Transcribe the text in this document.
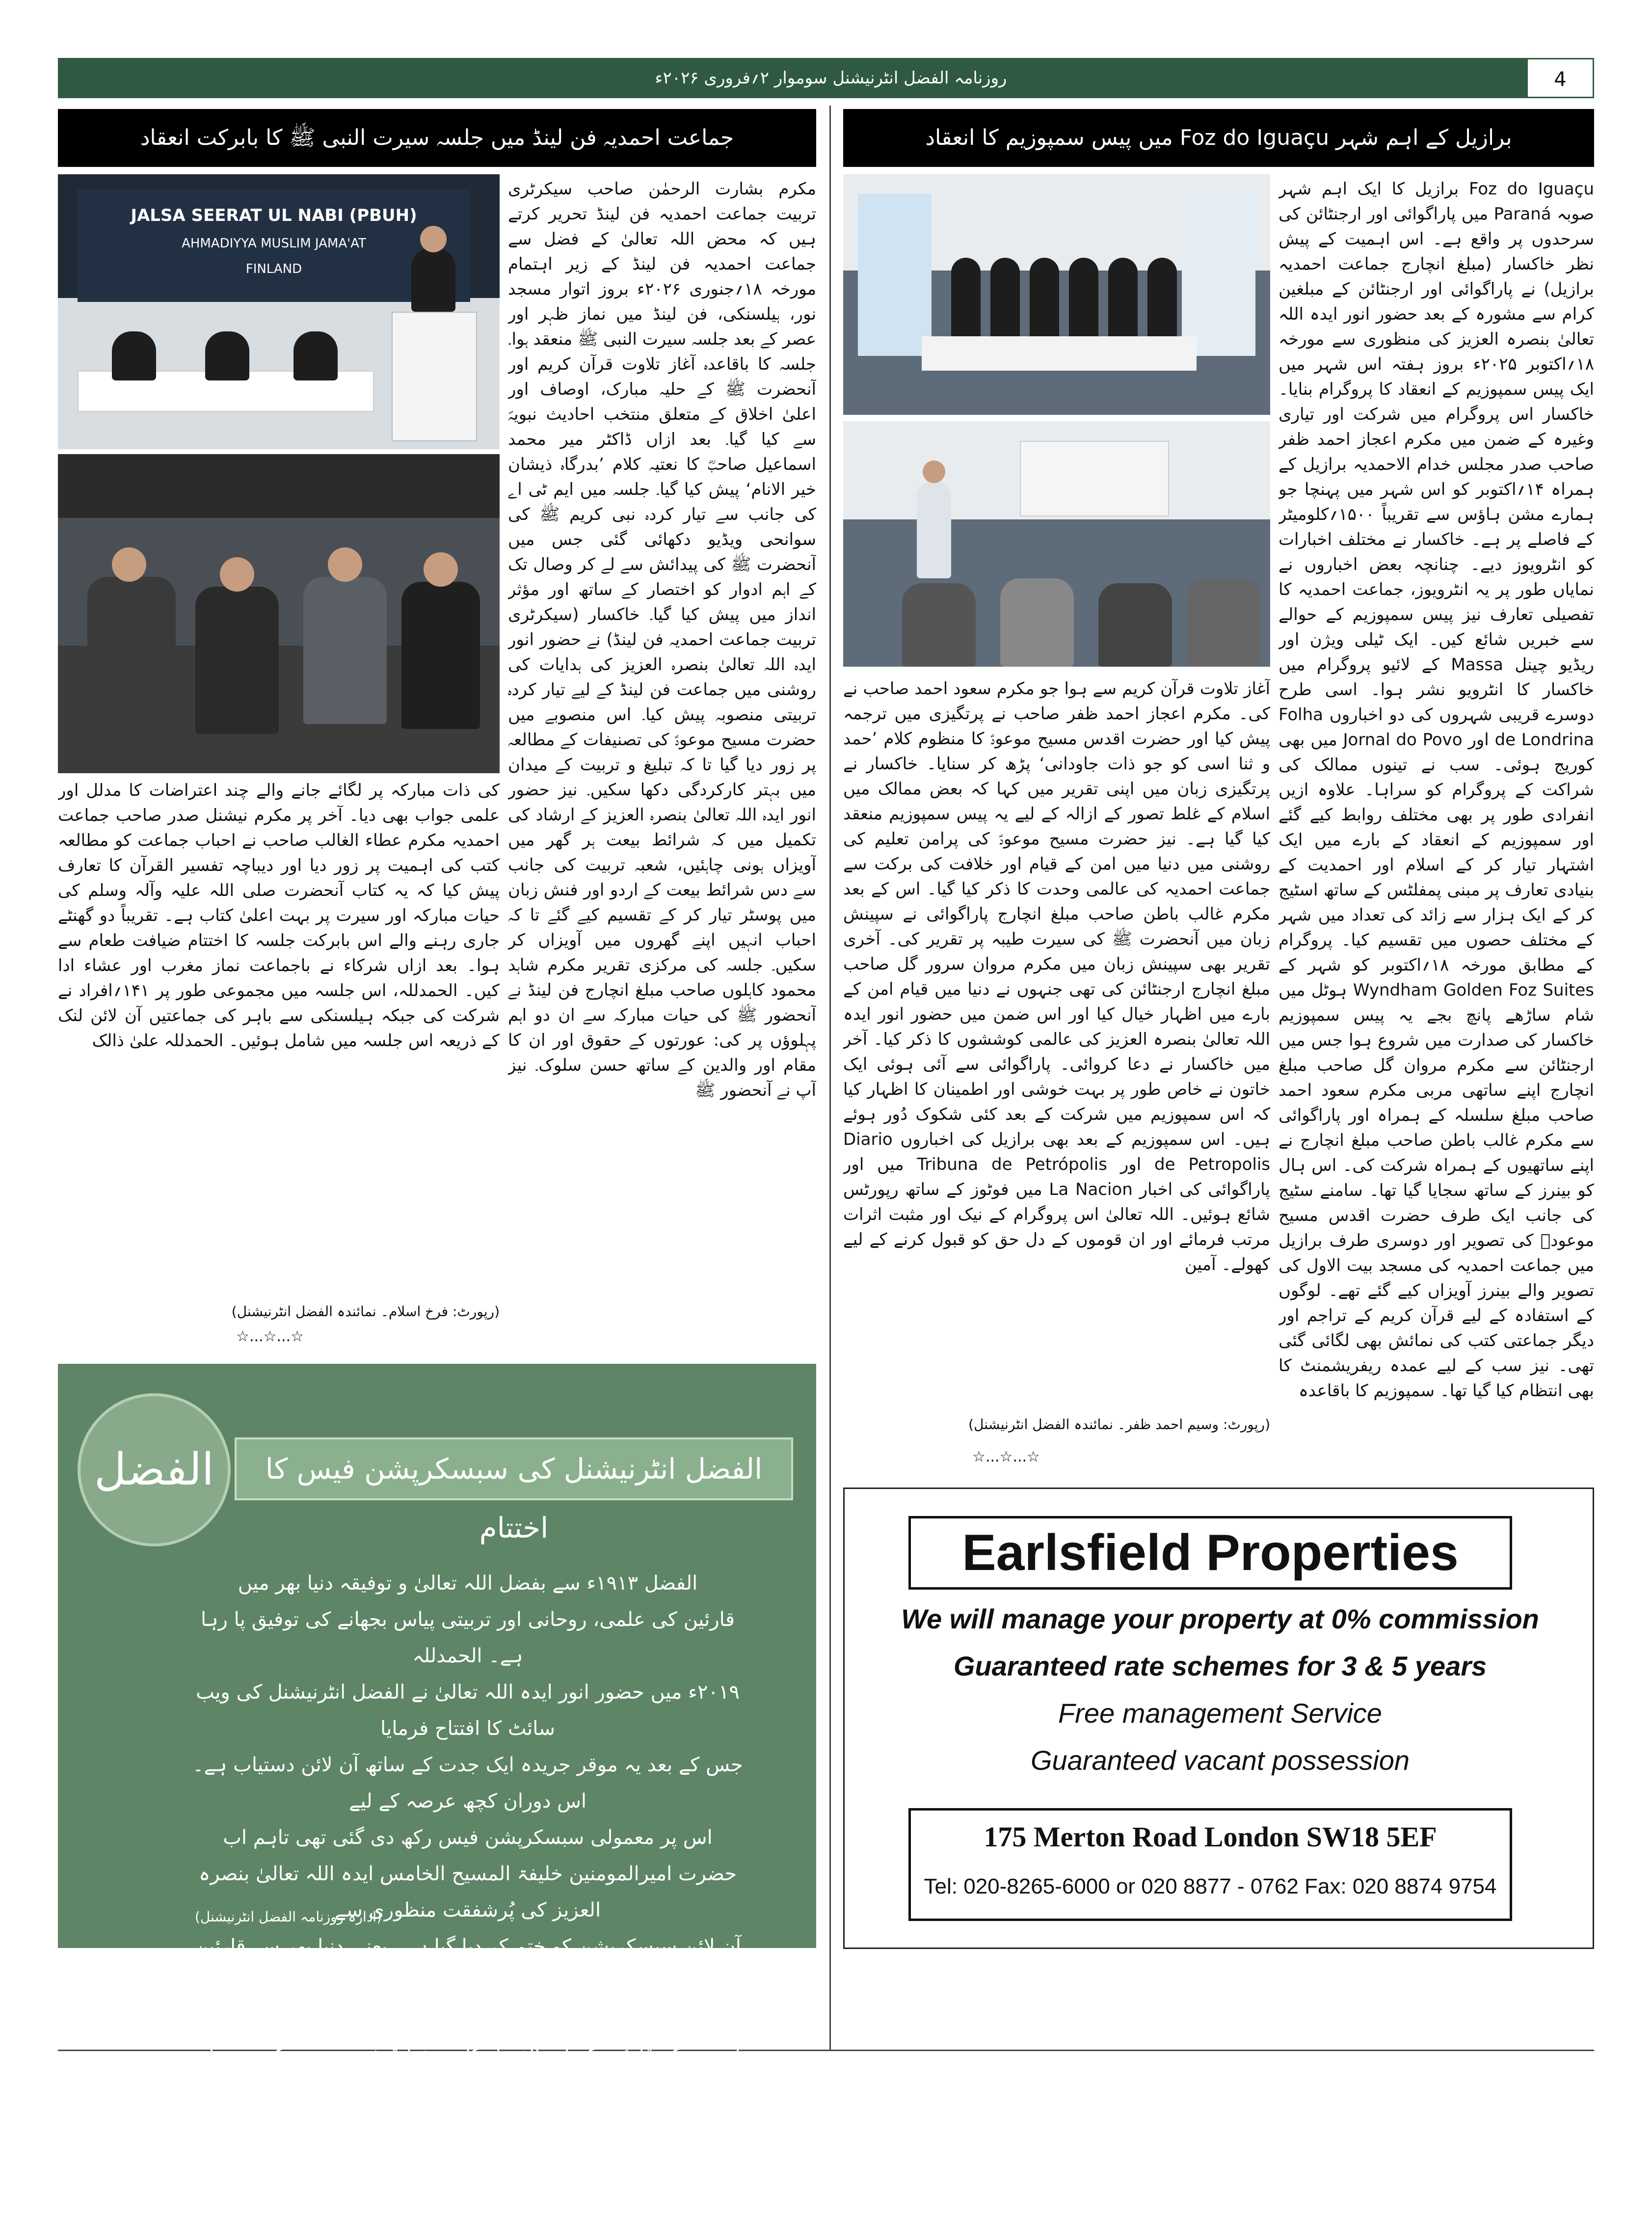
روزنامہ الفضل انٹرنیشنل سوموار ۲؍فروری ۲۰۲۶ء	4
جماعت احمدیہ فن لینڈ میں جلسہ سیرت النبی ﷺ کا بابرکت انعقاد
JALSA SEERAT UL NABI (PBUH)
AHMADIYYA MUSLIM JAMA'AT
FINLAND
مکرم بشارت الرحمٰن صاحب سیکرٹری تربیت جماعت احمدیہ فن لینڈ تحریر کرتے ہیں کہ محض اللہ تعالیٰ کے فضل سے جماعت احمدیہ فن لینڈ کے زیر اہتمام مورخہ ۱۸؍جنوری ۲۰۲۶ء بروز اتوار مسجد نور، ہیلسنکی، فن لینڈ میں نماز ظہر اور عصر کے بعد جلسہ سیرت النبی ﷺ منعقد ہوا۔ جلسہ کا باقاعدہ آغاز تلاوت قرآن کریم اور آنحضرت ﷺ کے حلیہ مبارک، اوصاف اور اعلیٰ اخلاق کے متعلق منتخب احادیث نبویہؐ سے کیا گیا۔ بعد ازاں ڈاکٹر میر محمد اسماعیل صاحبؓ کا نعتیہ کلام ’بدرگاہ ذیشان خیر الانام‘ پیش کیا گیا۔ جلسہ میں ایم ٹی اے کی جانب سے تیار کردہ نبی کریم ﷺ کی سوانحی ویڈیو دکھائی گئی جس میں آنحضرت ﷺ کی پیدائش سے لے کر وصال تک کے اہم ادوار کو اختصار کے ساتھ اور مؤثر انداز میں پیش کیا گیا۔ خاکسار (سیکرٹری تربیت جماعت احمدیہ فن لینڈ) نے حضور انور ایدہ اللہ تعالیٰ بنصرہ العزیز کی ہدایات کی روشنی میں جماعت فن لینڈ کے لیے تیار کردہ تربیتی منصوبہ پیش کیا۔ اس منصوبے میں حضرت مسیح موعودؑ کی تصنیفات کے مطالعہ پر زور دیا گیا تا کہ تبلیغ و تربیت کے میدان میں بہتر کارکردگی دکھا سکیں۔ نیز حضور انور ایدہ اللہ تعالیٰ بنصرہ العزیز کے ارشاد کی تکمیل میں کہ شرائط بیعت ہر گھر میں آویزاں ہونی چاہئیں، شعبہ تربیت کی جانب سے دس شرائط بیعت کے اردو اور فنش زبان میں پوسٹر تیار کر کے تقسیم کیے گئے تا کہ احباب انہیں اپنے گھروں میں آویزاں کر سکیں۔ جلسہ کی مرکزی تقریر مکرم شاہد محمود کاہلوں صاحب مبلغ انچارج فن لینڈ نے آنحضور ﷺ کی حیات مبارکہ سے ان دو اہم پہلوؤں پر کی: عورتوں کے حقوق اور ان کا مقام اور والدین کے ساتھ حسن سلوک۔ نیز آپ نے آنحضور ﷺ
کی ذات مبارکہ پر لگائے جانے والے چند اعتراضات کا مدلل اور علمی جواب بھی دیا۔ آخر پر مکرم نیشنل صدر صاحب جماعت احمدیہ مکرم عطاء الغالب صاحب نے احباب جماعت کو مطالعہ کتب کی اہمیت پر زور دیا اور دیباچہ تفسیر القرآن کا تعارف پیش کیا کہ یہ کتاب آنحضرت صلی اللہ علیہ وآلہ وسلم کی حیات مبارکہ اور سیرت پر بہت اعلیٰ کتاب ہے۔ تقریباً دو گھنٹے جاری رہنے والے اس بابرکت جلسہ کا اختتام ضیافت طعام سے ہوا۔ بعد ازاں شرکاء نے باجماعت نماز مغرب اور عشاء ادا کیں۔ الحمدللہ، اس جلسہ میں مجموعی طور پر ۱۴۱؍افراد نے شرکت کی جبکہ ہیلسنکی سے باہر کی جماعتیں آن لائن لنک کے ذریعہ اس جلسہ میں شامل ہوئیں۔ الحمدللہ علیٰ ذالک
(رپورٹ: فرخ اسلام۔ نمائندہ الفضل انٹرنیشنل)
☆...☆...☆
الفضل	الفضل انٹرنیشنل کی سبسکرپشن فیس کا اختتام
الفضل ۱۹۱۳ء سے بفضل اللہ تعالیٰ و توفیقہ دنیا بھر میں
قارئین کی علمی، روحانی اور تربیتی پیاس بجھانے کی توفیق پا رہا ہے۔ الحمدللہ
۲۰۱۹ء میں حضور انور ایدہ اللہ تعالیٰ نے الفضل انٹرنیشنل کی ویب سائٹ کا افتتاح فرمایا
جس کے بعد یہ موقر جریدہ ایک جدت کے ساتھ آن لائن دستیاب ہے۔ اس دوران کچھ عرصہ کے لیے
اس پر معمولی سبسکرپشن فیس رکھ دی گئی تھی تاہم اب
حضرت امیرالمومنین خلیفۃ المسیح الخامس ایدہ اللہ تعالیٰ بنصرہ العزیز کی پُرشفقت منظوری سے
آن لائن سبسکرپشن کو ختم کر دیا گیا ہے۔ یعنی دنیا بھر سے قارئین
حسب سابق الفضل سے بسہولت استفادہ کر سکتے ہیں۔ ان شاء اللہ العزیز
یاد رہے کہ قارئین کے لیے الفضل کا پرنٹ ایڈیشن خریدنے کی سہولت بدستور موجود ہے۔
قارئین کرام حضور انور ایدہ اللہ تعالیٰ بنصرہ العزیز
اور ادارہ الفضل سے منسلک تمام احباب کو دعاؤں میں یاد رکھیں۔ جزاکم اللہ خیرا
(ادارہ روزنامہ الفضل انٹرنیشنل)
برازیل کے اہم شہر Foz do Iguaçu میں پیس سمپوزیم کا انعقاد
Foz do Iguaçu برازیل کا ایک اہم شہر صوبہ Paraná میں پاراگوائی اور ارجنٹائن کی سرحدوں پر واقع ہے۔ اس اہمیت کے پیش نظر خاکسار (مبلغ انچارج جماعت احمدیہ برازیل) نے پاراگوائی اور ارجنٹائن کے مبلغین کرام سے مشورہ کے بعد حضور انور ایدہ اللہ تعالیٰ بنصرہ العزیز کی منظوری سے مورخہ ۱۸؍اکتوبر ۲۰۲۵ء بروز ہفتہ اس شہر میں ایک پیس سمپوزیم کے انعقاد کا پروگرام بنایا۔ خاکسار اس پروگرام میں شرکت اور تیاری وغیرہ کے ضمن میں مکرم اعجاز احمد ظفر صاحب صدر مجلس خدام الاحمدیہ برازیل کے ہمراہ ۱۴؍اکتوبر کو اس شہر میں پہنچا جو ہمارے مشن ہاؤس سے تقریباً ۱۵۰۰؍کلومیٹر کے فاصلے پر ہے۔ خاکسار نے مختلف اخبارات کو انٹرویوز دیے۔ چنانچہ بعض اخباروں نے نمایاں طور پر یہ انٹرویوز، جماعت احمدیہ کا تفصیلی تعارف نیز پیس سمپوزیم کے حوالے سے خبریں شائع کیں۔ ایک ٹیلی ویژن اور ریڈیو چینل Massa کے لائیو پروگرام میں خاکسار کا انٹرویو نشر ہوا۔ اسی طرح دوسرے قریبی شہروں کی دو اخباروں Folha de Londrina اور Jornal do Povo میں بھی کوریج ہوئی۔ سب نے تینوں ممالک کی شراکت کے پروگرام کو سراہا۔ علاوہ ازیں انفرادی طور پر بھی مختلف روابط کیے گئے اور سمپوزیم کے انعقاد کے بارے میں ایک اشتہار تیار کر کے اسلام اور احمدیت کے بنیادی تعارف پر مبنی پمفلٹس کے ساتھ اسٹیج کر کے ایک ہزار سے زائد کی تعداد میں شہر کے مختلف حصوں میں تقسیم کیا۔ پروگرام کے مطابق مورخہ ۱۸؍اکتوبر کو شہر کے Wyndham Golden Foz Suites ہوٹل میں شام ساڑھے پانچ بجے یہ پیس سمپوزیم خاکسار کی صدارت میں شروع ہوا جس میں ارجنٹائن سے مکرم مروان گل صاحب مبلغ انچارج اپنے ساتھی مربی مکرم سعود احمد صاحب مبلغ سلسلہ کے ہمراہ اور پاراگوائی سے مکرم غالب باطن صاحب مبلغ انچارج نے اپنے ساتھیوں کے ہمراہ شرکت کی۔ اس ہال کو بینرز کے ساتھ سجایا گیا تھا۔ سامنے سٹیج کی جانب ایک طرف حضرت اقدس مسیح موعودؑ کی تصویر اور دوسری طرف برازیل میں جماعت احمدیہ کی مسجد بیت الاول کی تصویر والے بینرز آویزاں کیے گئے تھے۔ لوگوں کے استفادہ کے لیے قرآن کریم کے تراجم اور دیگر جماعتی کتب کی نمائش بھی لگائی گئی تھی۔ نیز سب کے لیے عمدہ ریفریشمنٹ کا بھی انتظام کیا گیا تھا۔ سمپوزیم کا باقاعدہ
آغاز تلاوت قرآن کریم سے ہوا جو مکرم سعود احمد صاحب نے کی۔ مکرم اعجاز احمد ظفر صاحب نے پرتگیزی میں ترجمہ پیش کیا اور حضرت اقدس مسیح موعودؑ کا منظوم کلام ’حمد و ثنا اسی کو جو ذات جاودانی‘ پڑھ کر سنایا۔ خاکسار نے پرتگیزی زبان میں اپنی تقریر میں کہا کہ بعض ممالک میں اسلام کے غلط تصور کے ازالہ کے لیے یہ پیس سمپوزیم منعقد کیا گیا ہے۔ نیز حضرت مسیح موعودؑ کی پرامن تعلیم کی روشنی میں دنیا میں امن کے قیام اور خلافت کی برکت سے جماعت احمدیہ کی عالمی وحدت کا ذکر کیا گیا۔ اس کے بعد مکرم غالب باطن صاحب مبلغ انچارج پاراگوائی نے سپینش زبان میں آنحضرت ﷺ کی سیرت طیبہ پر تقریر کی۔ آخری تقریر بھی سپینش زبان میں مکرم مروان سرور گل صاحب مبلغ انچارج ارجنٹائن کی تھی جنہوں نے دنیا میں قیام امن کے بارے میں اظہار خیال کیا اور اس ضمن میں حضور انور ایدہ اللہ تعالیٰ بنصرہ العزیز کی عالمی کوششوں کا ذکر کیا۔ آخر میں خاکسار نے دعا کروائی۔ پاراگوائی سے آئی ہوئی ایک خاتون نے خاص طور پر بہت خوشی اور اطمینان کا اظہار کیا کہ اس سمپوزیم میں شرکت کے بعد کئی شکوک دُور ہوئے ہیں۔ اس سمپوزیم کے بعد بھی برازیل کی اخباروں Diario de Petropolis اور Tribuna de Petrópolis میں اور پاراگوائی کی اخبار La Nacion میں فوٹوز کے ساتھ رپورٹس شائع ہوئیں۔ اللہ تعالیٰ اس پروگرام کے نیک اور مثبت اثرات مرتب فرمائے اور ان قوموں کے دل حق کو قبول کرنے کے لیے کھولے۔ آمین
(رپورٹ: وسیم احمد ظفر۔ نمائندہ الفضل انٹرنیشنل)
☆...☆...☆
Earlsfield Properties
We will manage your property at 0% commission
Guaranteed rate schemes for 3 & 5 years
Free management Service
Guaranteed vacant possession
175 Merton Road London SW18 5EF
Tel: 020-8265-6000 or 020 8877 - 0762 Fax: 020 8874 9754
